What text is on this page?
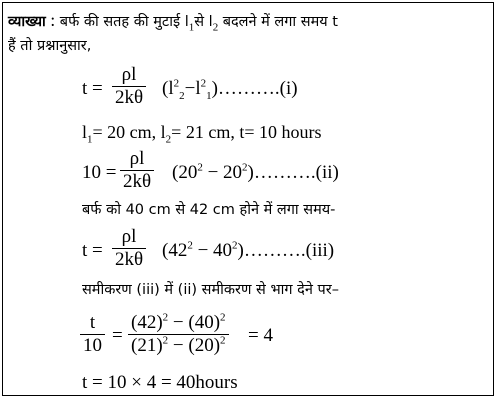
व्याख्या : बर्फ की सतह की मुटाई $l_1से$ $l_2$ बदलने में लगा समय t
हैं तो प्रश्नानुसार,
$t = \frac{\rho l}{2k\theta}$ $(l^2_2-l^2_1)\dots\dots\dots.(i)$
$l_1= 20$ cm, $l_2= 21$ cm, t= 10 hours
$10 = \frac{\rho l}{2k\theta} (20^2$ − $20^2)\dots\dots\dots.(ii)$
बर्फ को 40 cm से 42 cm होने में लगा समय-
$t = \frac{\rho l}{2k\theta} (42^2$ − $40^2)\dots\dots\dots.(iii)$
समीकरण (iii) में (ii) समीकरण से भाग देने पर–
$\frac{t}{10} = \frac{(42)^2 - (40)^2}{(21)^2 - (20)^2} = 4$
t = 10 × 4 = 40hours
